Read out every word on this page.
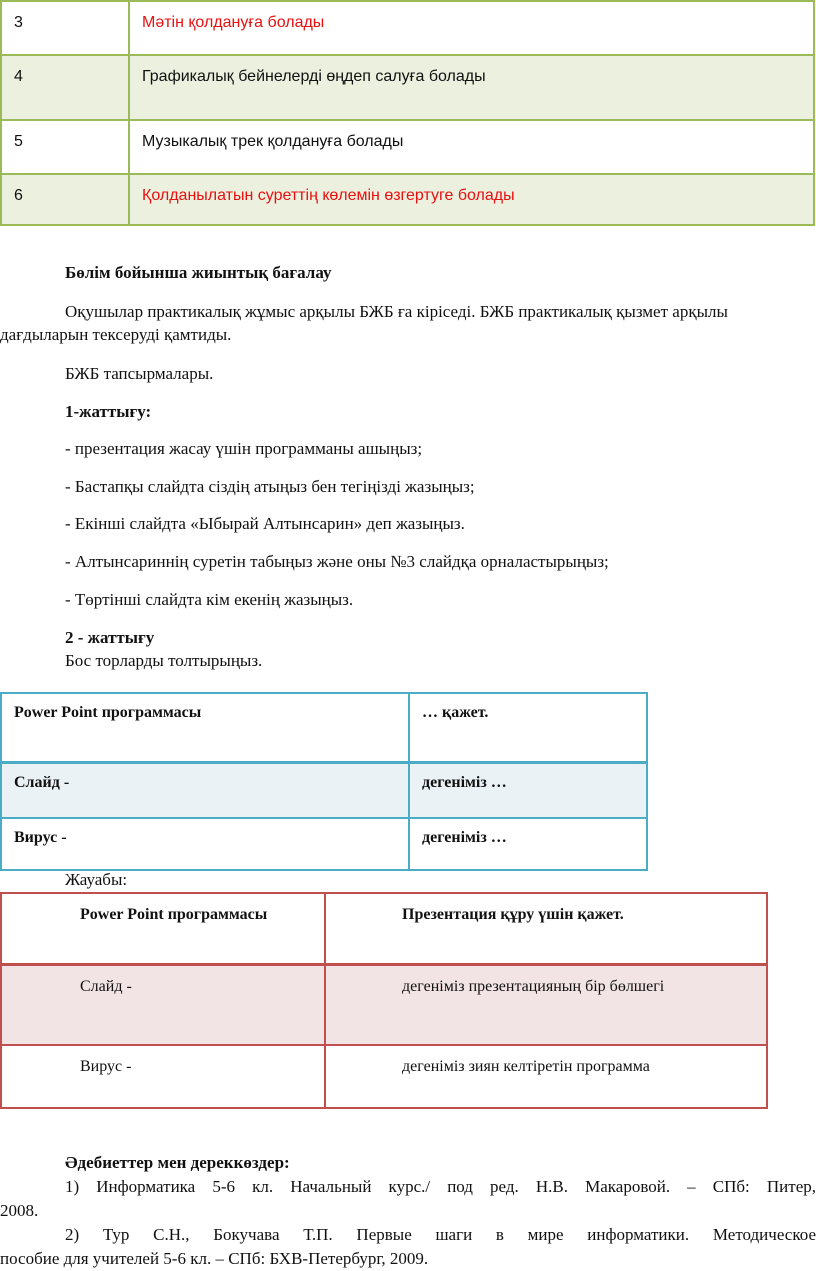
3	Мәтін қолдануға болады
4	Графикалық бейнелерді өңдеп салуға болады
5	Музыкалық трек қолдануға болады
6	Қолданылатын суреттің көлемін өзгертуге болады
Бөлім бойынша жиынтық бағалау
Оқушылар практикалық жұмыс арқылы БЖБ ға кіріседі. БЖБ практикалық қызмет арқылы
дағдыларын тексеруді қамтиды.
БЖБ тапсырмалары.
1-жаттығу:
- презентация жасау үшін программаны ашыңыз;
- Бастапқы слайдта сіздің атыңыз бен тегіңізді жазыңыз;
- Екінші слайдта «Ыбырай Алтынсарин» деп жазыңыз.
- Алтынсариннің суретін табыңыз және оны №3 слайдқа орналастырыңыз;
- Төртінші слайдта кім екенің жазыңыз.
2 - жаттығу
Бос торларды толтырыңыз.
Power Point программасы	… қажет.
Слайд -	дегеніміз …
Вирус -	дегеніміз …
Жауабы:
Power Point программасы	Презентация құру үшін қажет.
Слайд -	дегеніміз презентацияның бір бөлшегі
Вирус -	дегеніміз зиян келтіретін программа
Әдебиеттер мен дереккөздер:
1) Информатика 5-6 кл. Начальный курс./ под ред. Н.В. Макаровой. – СПб: Питер,
2008.
2) Тур С.Н., Бокучава Т.П. Первые шаги в мире информатики. Методическое
пособие для учителей 5-6 кл. – СПб: БХВ-Петербург, 2009.
